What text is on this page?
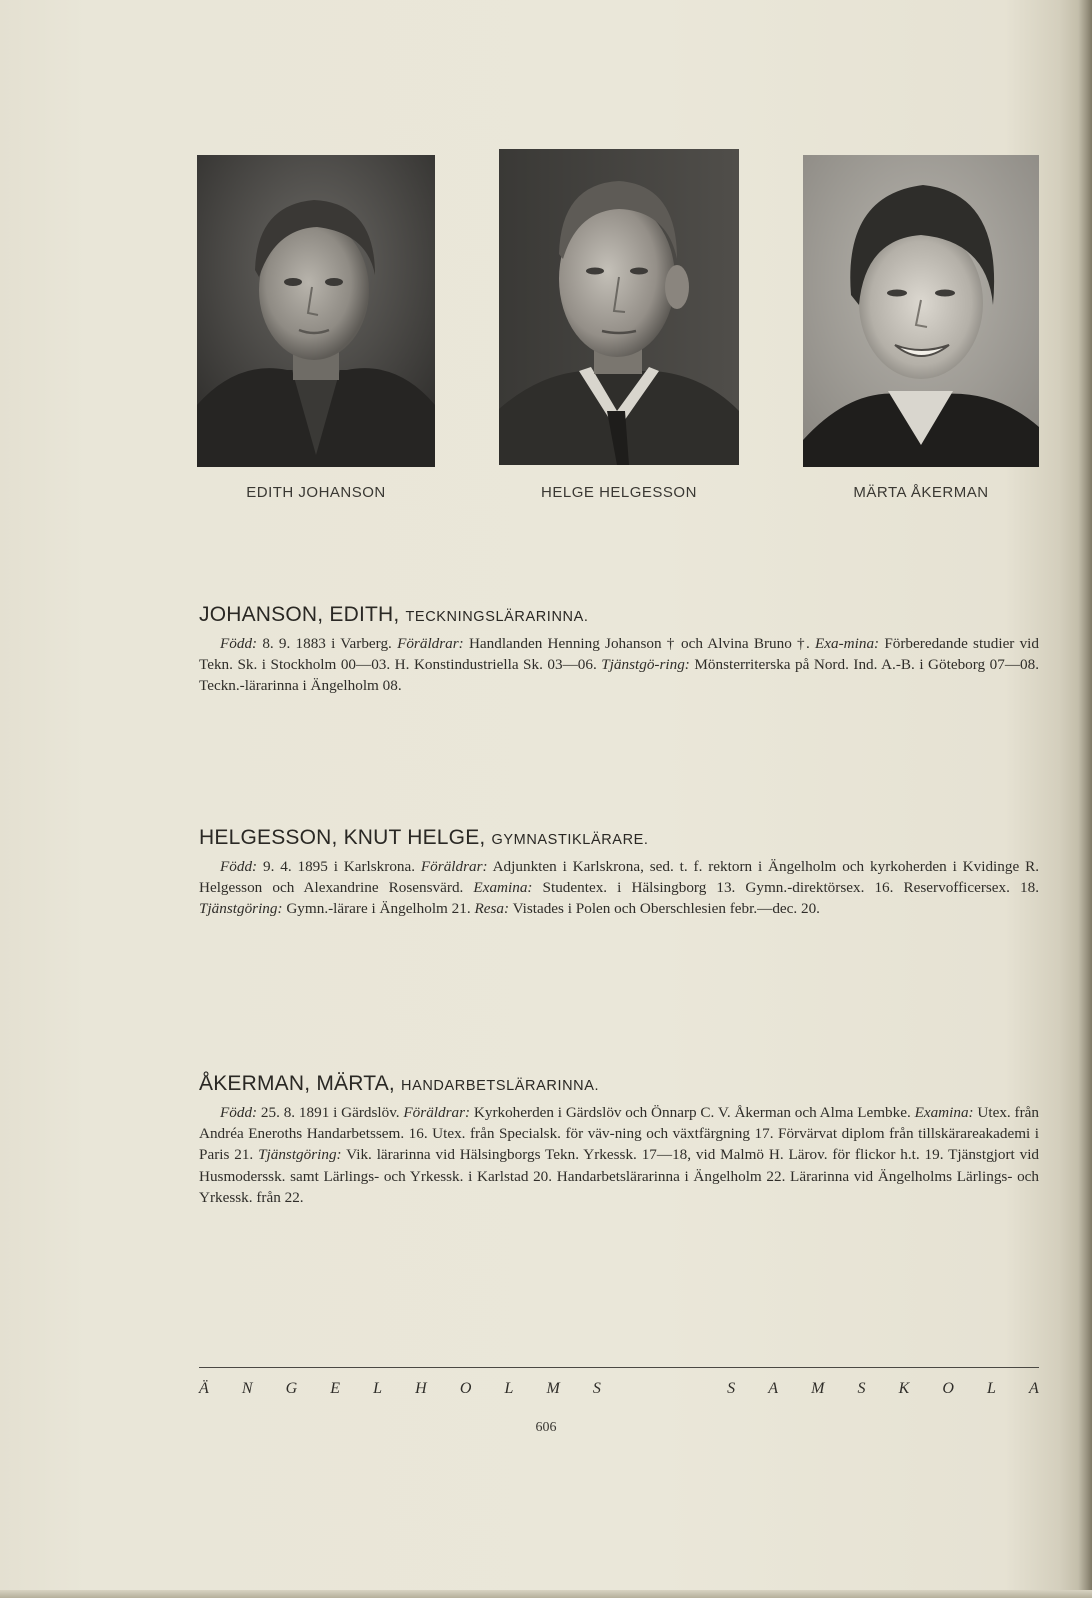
EDITH JOHANSON	HELGE HELGESSON	MÄRTA ÅKERMAN
JOHANSON, EDITH, TECKNINGSLÄRARINNA.

Född: 8. 9. 1883 i Varberg. Föräldrar: Handlanden Henning Johanson † och Alvina Bruno †. Exa-mina: Förberedande studier vid Tekn. Sk. i Stockholm 00—03. H. Konstindustriella Sk. 03—06. Tjänstgö-ring: Mönsterriterska på Nord. Ind. A.-B. i Göteborg 07—08. Teckn.-lärarinna i Ängelholm 08.

HELGESSON, KNUT HELGE, GYMNASTIKLÄRARE.

Född: 9. 4. 1895 i Karlskrona. Föräldrar: Adjunkten i Karlskrona, sed. t. f. rektorn i Ängelholm och kyrkoherden i Kvidinge R. Helgesson och Alexandrine Rosensvärd. Examina: Studentex. i Hälsingborg 13. Gymn.-direktörsex. 16. Reservofficersex. 18. Tjänstgöring: Gymn.-lärare i Ängelholm 21. Resa: Vistades i Polen och Oberschlesien febr.—dec. 20.

ÅKERMAN, MÄRTA, HANDARBETSLÄRARINNA.

Född: 25. 8. 1891 i Gärdslöv. Föräldrar: Kyrkoherden i Gärdslöv och Önnarp C. V. Åkerman och Alma Lembke. Examina: Utex. från Andréa Eneroths Handarbetssem. 16. Utex. från Specialsk. för väv-ning och växtfärgning 17. Förvärvat diplom från tillskärareakademi i Paris 21. Tjänstgöring: Vik. lärarinna vid Hälsingborgs Tekn. Yrkessk. 17—18, vid Malmö H. Lärov. för flickor h.t. 19. Tjänstgjort vid Husmoderssk. samt Lärlings- och Yrkessk. i Karlstad 20. Handarbetslärarinna i Ängelholm 22. Lärarinna vid Ängelholms Lärlings- och Yrkessk. från 22.

Ä N G E L H O L M S	S A M S K O L A
606
